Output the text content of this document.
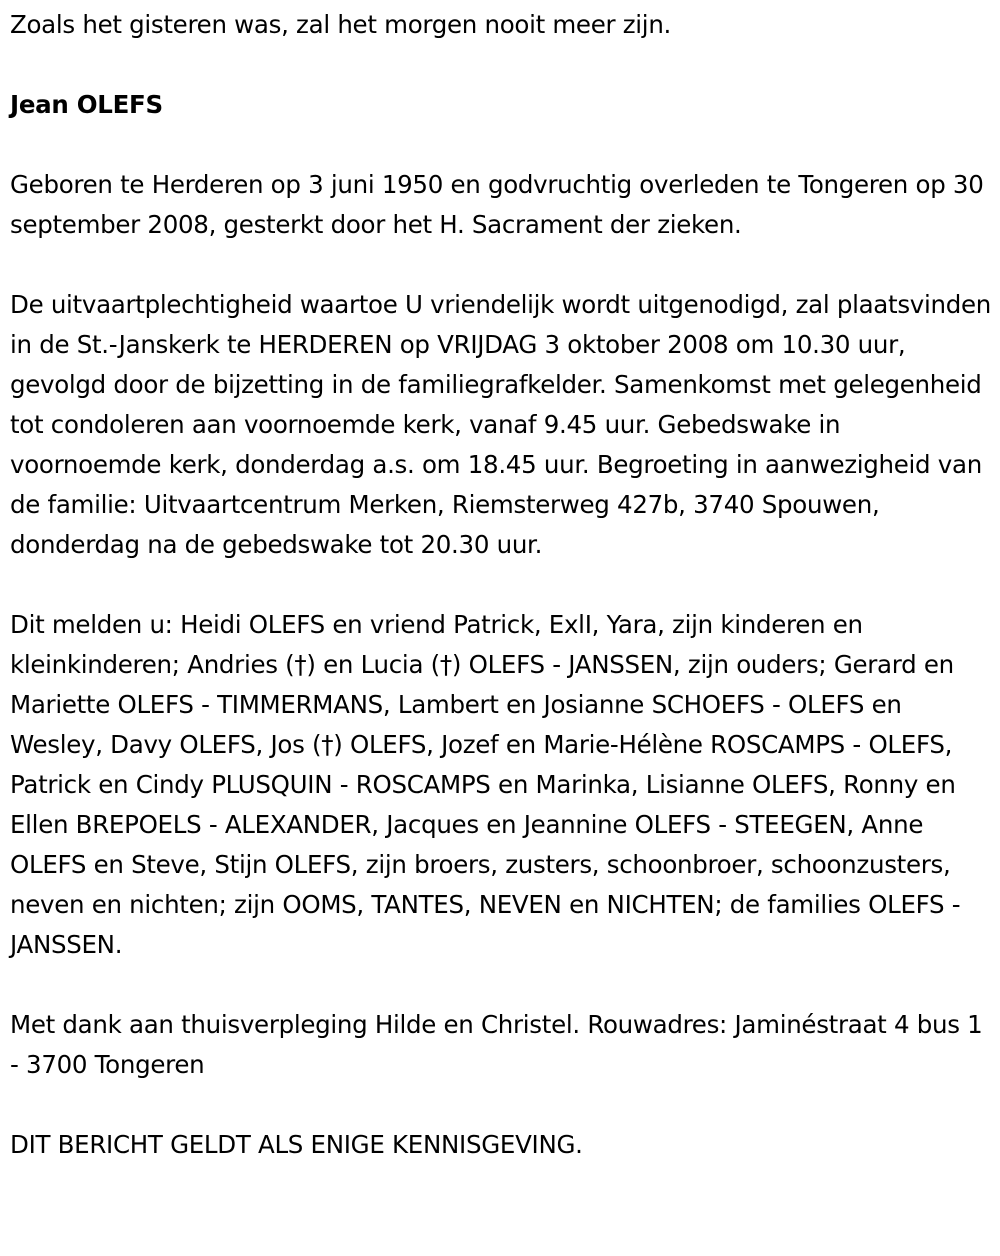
Zoals het gisteren was, zal het morgen nooit meer zijn.

Jean OLEFS

Geboren te Herderen op 3 juni 1950 en godvruchtig overleden te Tongeren op 30 september 2008, gesterkt door het H. Sacrament der zieken.

De uitvaartplechtigheid waartoe U vriendelijk wordt uitgenodigd, zal plaatsvinden in de St.-Janskerk te HERDEREN op VRIJDAG 3 oktober 2008 om 10.30 uur, gevolgd door de bijzetting in de familiegrafkelder. Samenkomst met gelegenheid tot condoleren aan voornoemde kerk, vanaf 9.45 uur. Gebedswake in voornoemde kerk, donderdag a.s. om 18.45 uur. Begroeting in aanwezigheid van de familie: Uitvaartcentrum Merken, Riemsterweg 427b, 3740 Spouwen, donderdag na de gebedswake tot 20.30 uur.

Dit melden u: Heidi OLEFS en vriend Patrick, ExlI, Yara, zijn kinderen en kleinkinderen; Andries (†) en Lucia (†) OLEFS - JANSSEN, zijn ouders; Gerard en Mariette OLEFS - TIMMERMANS, Lambert en Josianne SCHOEFS - OLEFS en Wesley, Davy OLEFS, Jos (†) OLEFS, Jozef en Marie-Hélène ROSCAMPS - OLEFS, Patrick en Cindy PLUSQUIN - ROSCAMPS en Marinka, Lisianne OLEFS, Ronny en Ellen BREPOELS - ALEXANDER, Jacques en Jeannine OLEFS - STEEGEN, Anne OLEFS en Steve, Stijn OLEFS, zijn broers, zusters, schoonbroer, schoonzusters, neven en nichten; zijn OOMS, TANTES, NEVEN en NICHTEN; de families OLEFS - JANSSEN.

Met dank aan thuisverpleging Hilde en Christel. Rouwadres: Jaminéstraat 4 bus 1 - 3700 Tongeren

DIT BERICHT GELDT ALS ENIGE KENNISGEVING.
